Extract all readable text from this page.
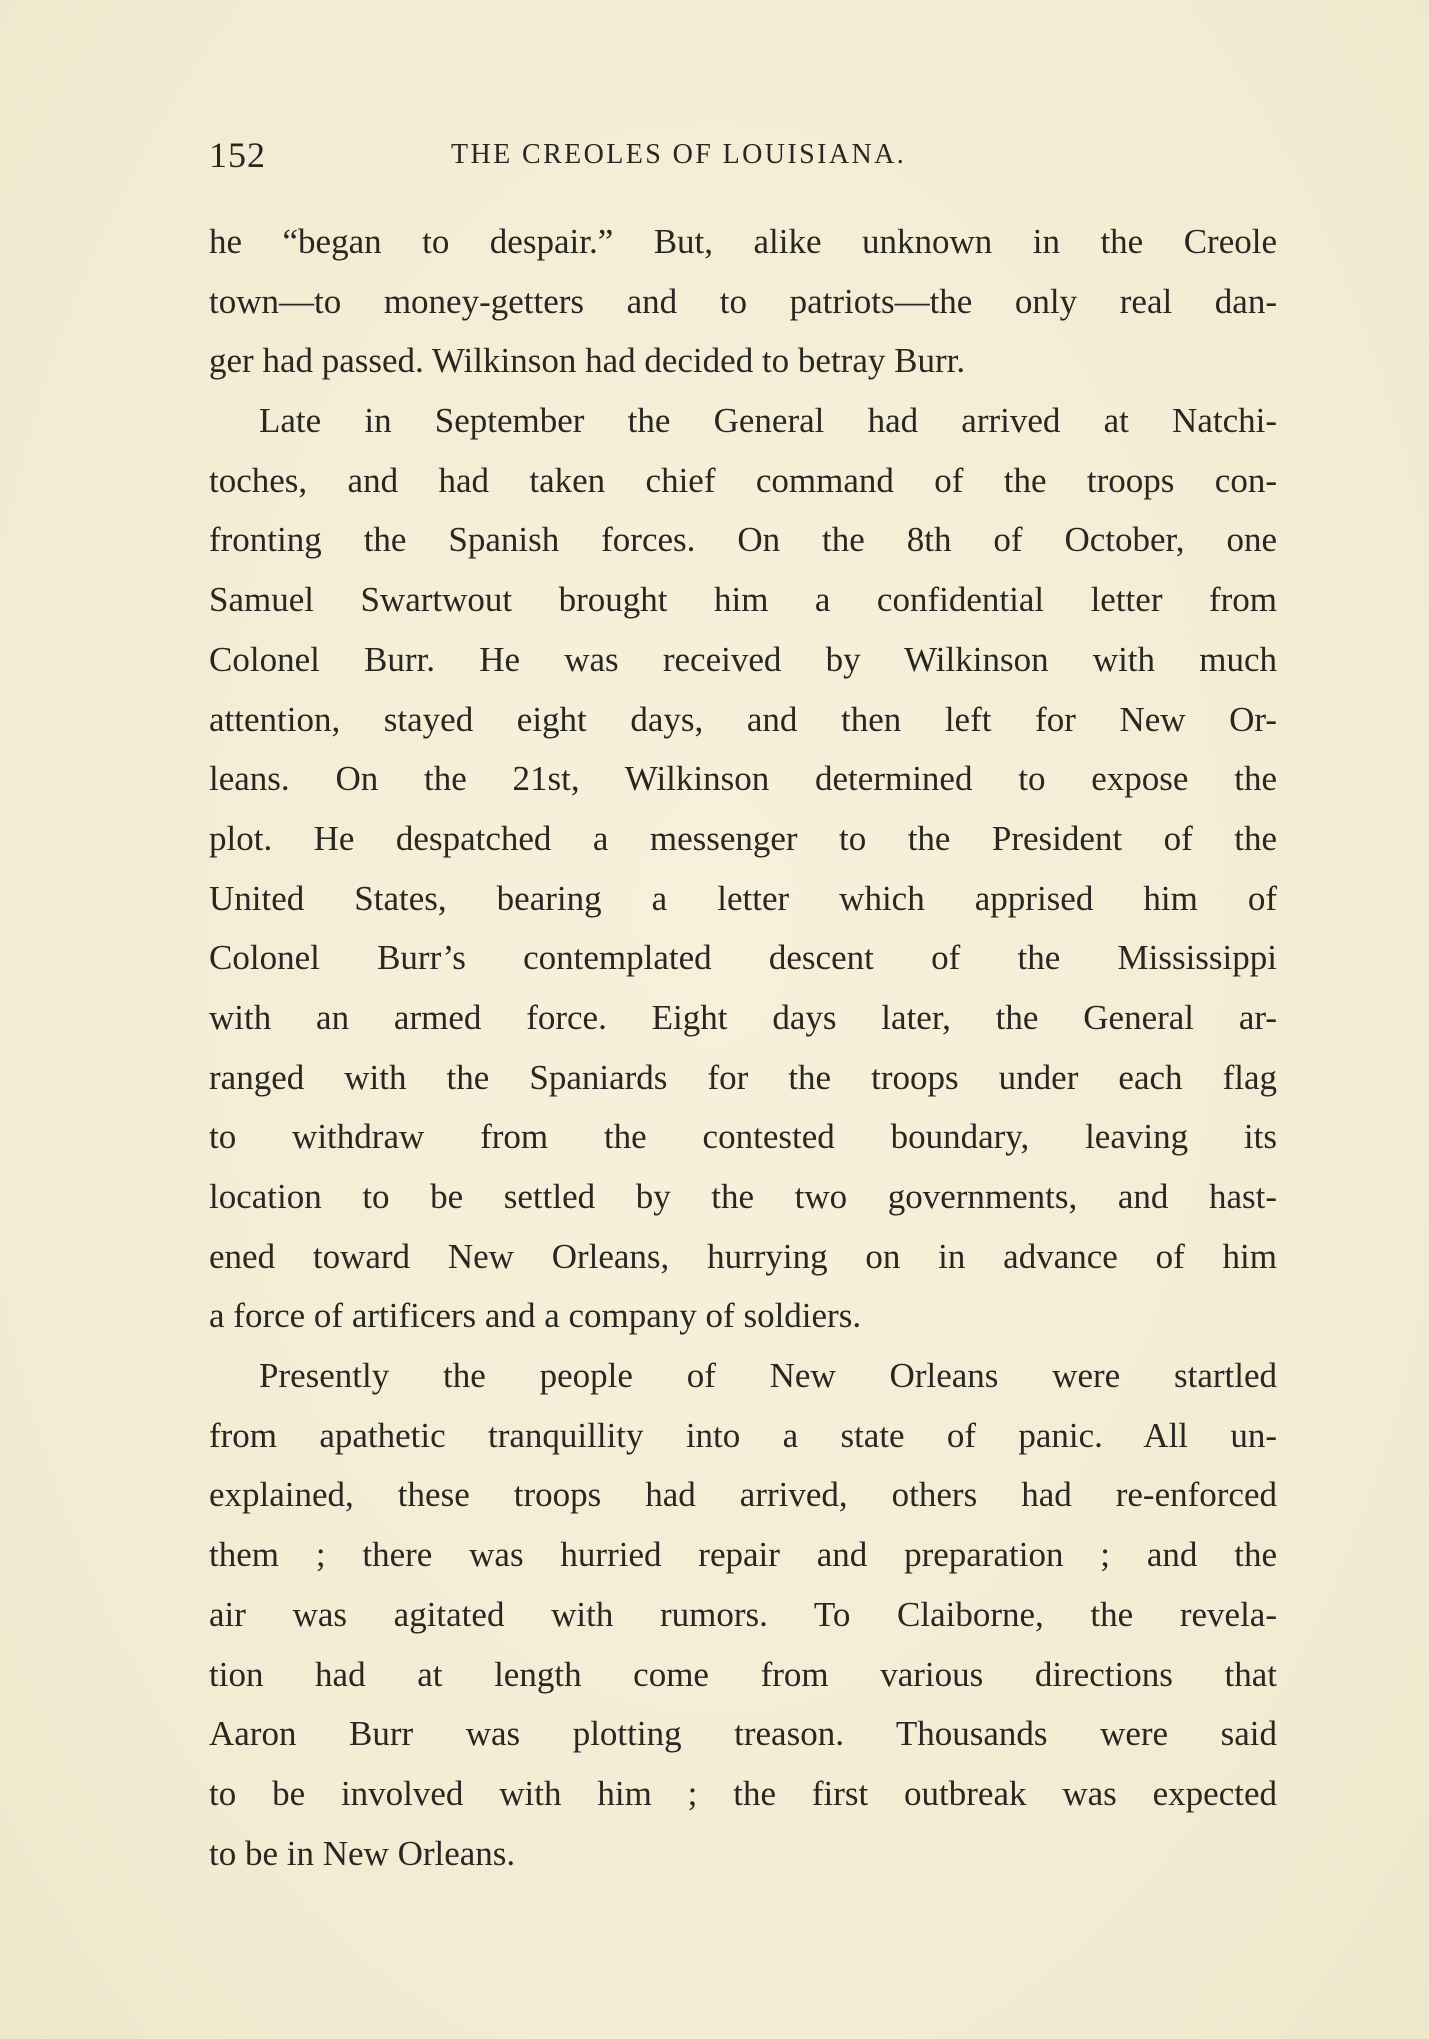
152	THE CREOLES OF LOUISIANA.
he “began to despair.” But, alike unknown in the Creole
town—to money-getters and to patriots—the only real dan-
ger had passed. Wilkinson had decided to betray Burr.
Late in September the General had arrived at Natchi-
toches, and had taken chief command of the troops con-
fronting the Spanish forces. On the 8th of October, one
Samuel Swartwout brought him a confidential letter from
Colonel Burr. He was received by Wilkinson with much
attention, stayed eight days, and then left for New Or-
leans. On the 21st, Wilkinson determined to expose the
plot. He despatched a messenger to the President of the
United States, bearing a letter which apprised him of
Colonel Burr’s contemplated descent of the Mississippi
with an armed force. Eight days later, the General ar-
ranged with the Spaniards for the troops under each flag
to withdraw from the contested boundary, leaving its
location to be settled by the two governments, and hast-
ened toward New Orleans, hurrying on in advance of him
a force of artificers and a company of soldiers.
Presently the people of New Orleans were startled
from apathetic tranquillity into a state of panic. All un-
explained, these troops had arrived, others had re-enforced
them ; there was hurried repair and preparation ; and the
air was agitated with rumors. To Claiborne, the revela-
tion had at length come from various directions that
Aaron Burr was plotting treason. Thousands were said
to be involved with him ; the first outbreak was expected
to be in New Orleans.
